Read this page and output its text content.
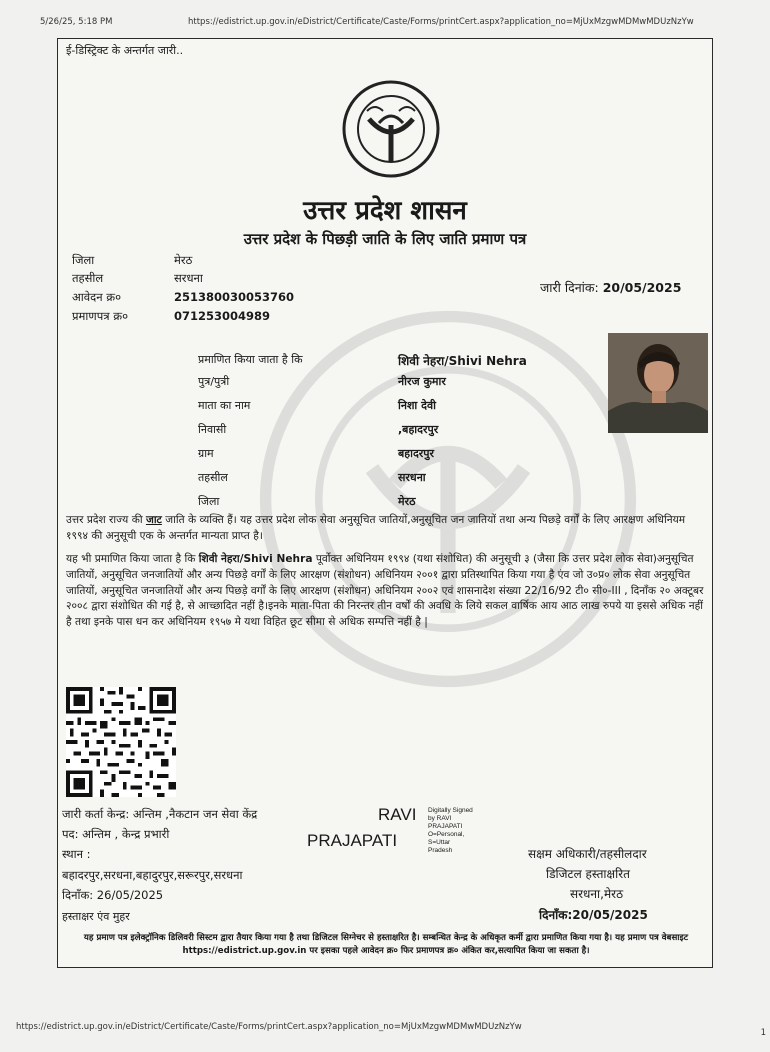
5/26/25, 5:18 PM	https://edistrict.up.gov.in/eDistrict/Certificate/Caste/Forms/printCert.aspx?application_no=MjUxMzgwMDMwMDUzNzYw
ई-डिस्ट्रिक्ट के अन्तर्गत जारी..
उत्तर प्रदेश शासन
उत्तर प्रदेश के पिछड़ी जाति के लिए जाति प्रमाण पत्र
जिला	मेरठ
तहसील	सरधना
आवेदन क्र०	251380030053760
प्रमाणपत्र क्र०	071253004989
जारी दिनांक: 20/05/2025
प्रमाणित किया जाता है कि	शिवी नेहरा/Shivi Nehra
पुत्र/पुत्री	नीरज कुमार
माता का नाम	निशा देवी
निवासी	,बहादरपुर
ग्राम	बहादरपुर
तहसील	सरधना
जिला	मेरठ
उत्तर प्रदेश राज्य की जाट जाति के व्यक्ति हैं। यह उत्तर प्रदेश लोक सेवा अनुसूचित जातियों,अनुसूचित जन जातियों तथा अन्य पिछड़े वर्गों के लिए आरक्षण अधिनियम १९९४ की अनुसूची एक के अन्तर्गत मान्यता प्राप्त है।
यह भी प्रमाणित किया जाता है कि शिवी नेहरा/Shivi Nehra पूर्वोक्त अधिनियम १९९४ (यथा संशोधित) की अनुसूची ३ (जैसा कि उत्तर प्रदेश लोक सेवा)अनुसूचित जातियों, अनुसूचित जनजातियों और अन्य पिछड़े वर्गों के लिए आरक्षण (संशोधन) अधिनियम २००१ द्वारा प्रतिस्थापित किया गया है एंव जो उ०प्र० लोक सेवा अनुसूचित जातियों, अनुसूचित जनजातियों और अन्य पिछड़े वर्गों के लिए आरक्षण (संशोधन) अधिनियम २००२ एवं शासनादेश संख्या 22/16/92 टी० सी०-III , दिनाँक २० अक्टूबर २००८ द्वारा संशोधित की गई है, से आच्छादित नहीं है।इनके माता-पिता की निरन्तर तीन वर्षों की अवधि के लिये सकल वार्षिक आय आठ लाख रुपये या इससे अधिक नहीं है तथा इनके पास धन कर अधिनियम १९५७ मे यथा विहित छूट सीमा से अधिक सम्पत्ति नहीं है |
जारी कर्ता केन्द्र: अन्तिम ,नैकटान जन सेवा केंद्र
पद: अन्तिम , केन्द्र प्रभारी
स्थान :
बहादरपुर,सरधना,बहादुरपुर,सरूरपुर,सरधना
दिनाँक: 26/05/2025
हस्ताक्षर एंव मुहर
RAVI
PRAJAPATI
Digitally Signed
by RAVI
PRAJAPATI
O=Personal,
S=Uttar
Pradesh	सक्षम अधिकारी/तहसीलदार
डिजिटल हस्ताक्षरित
सरधना,मेरठ
दिनाँक:20/05/2025
यह प्रमाण पत्र इलेक्ट्रॉनिक डिलिवरी सिस्टम द्वारा तैयार किया गया है तथा डिजिटल सिग्नेचर से हस्ताक्षरित है। सम्बन्धित केन्द्र के अधिकृत कर्मी द्वारा प्रमाणित किया गया है। यह प्रमाण पत्र वेबसाइट https://edistrict.up.gov.in पर इसका पहले आवेदन क्र० फिर प्रमाणपत्र क्र० अंकित कर,सत्यापित किया जा सकता है।
https://edistrict.up.gov.in/eDistrict/Certificate/Caste/Forms/printCert.aspx?application_no=MjUxMzgwMDMwMDUzNzYw
1
